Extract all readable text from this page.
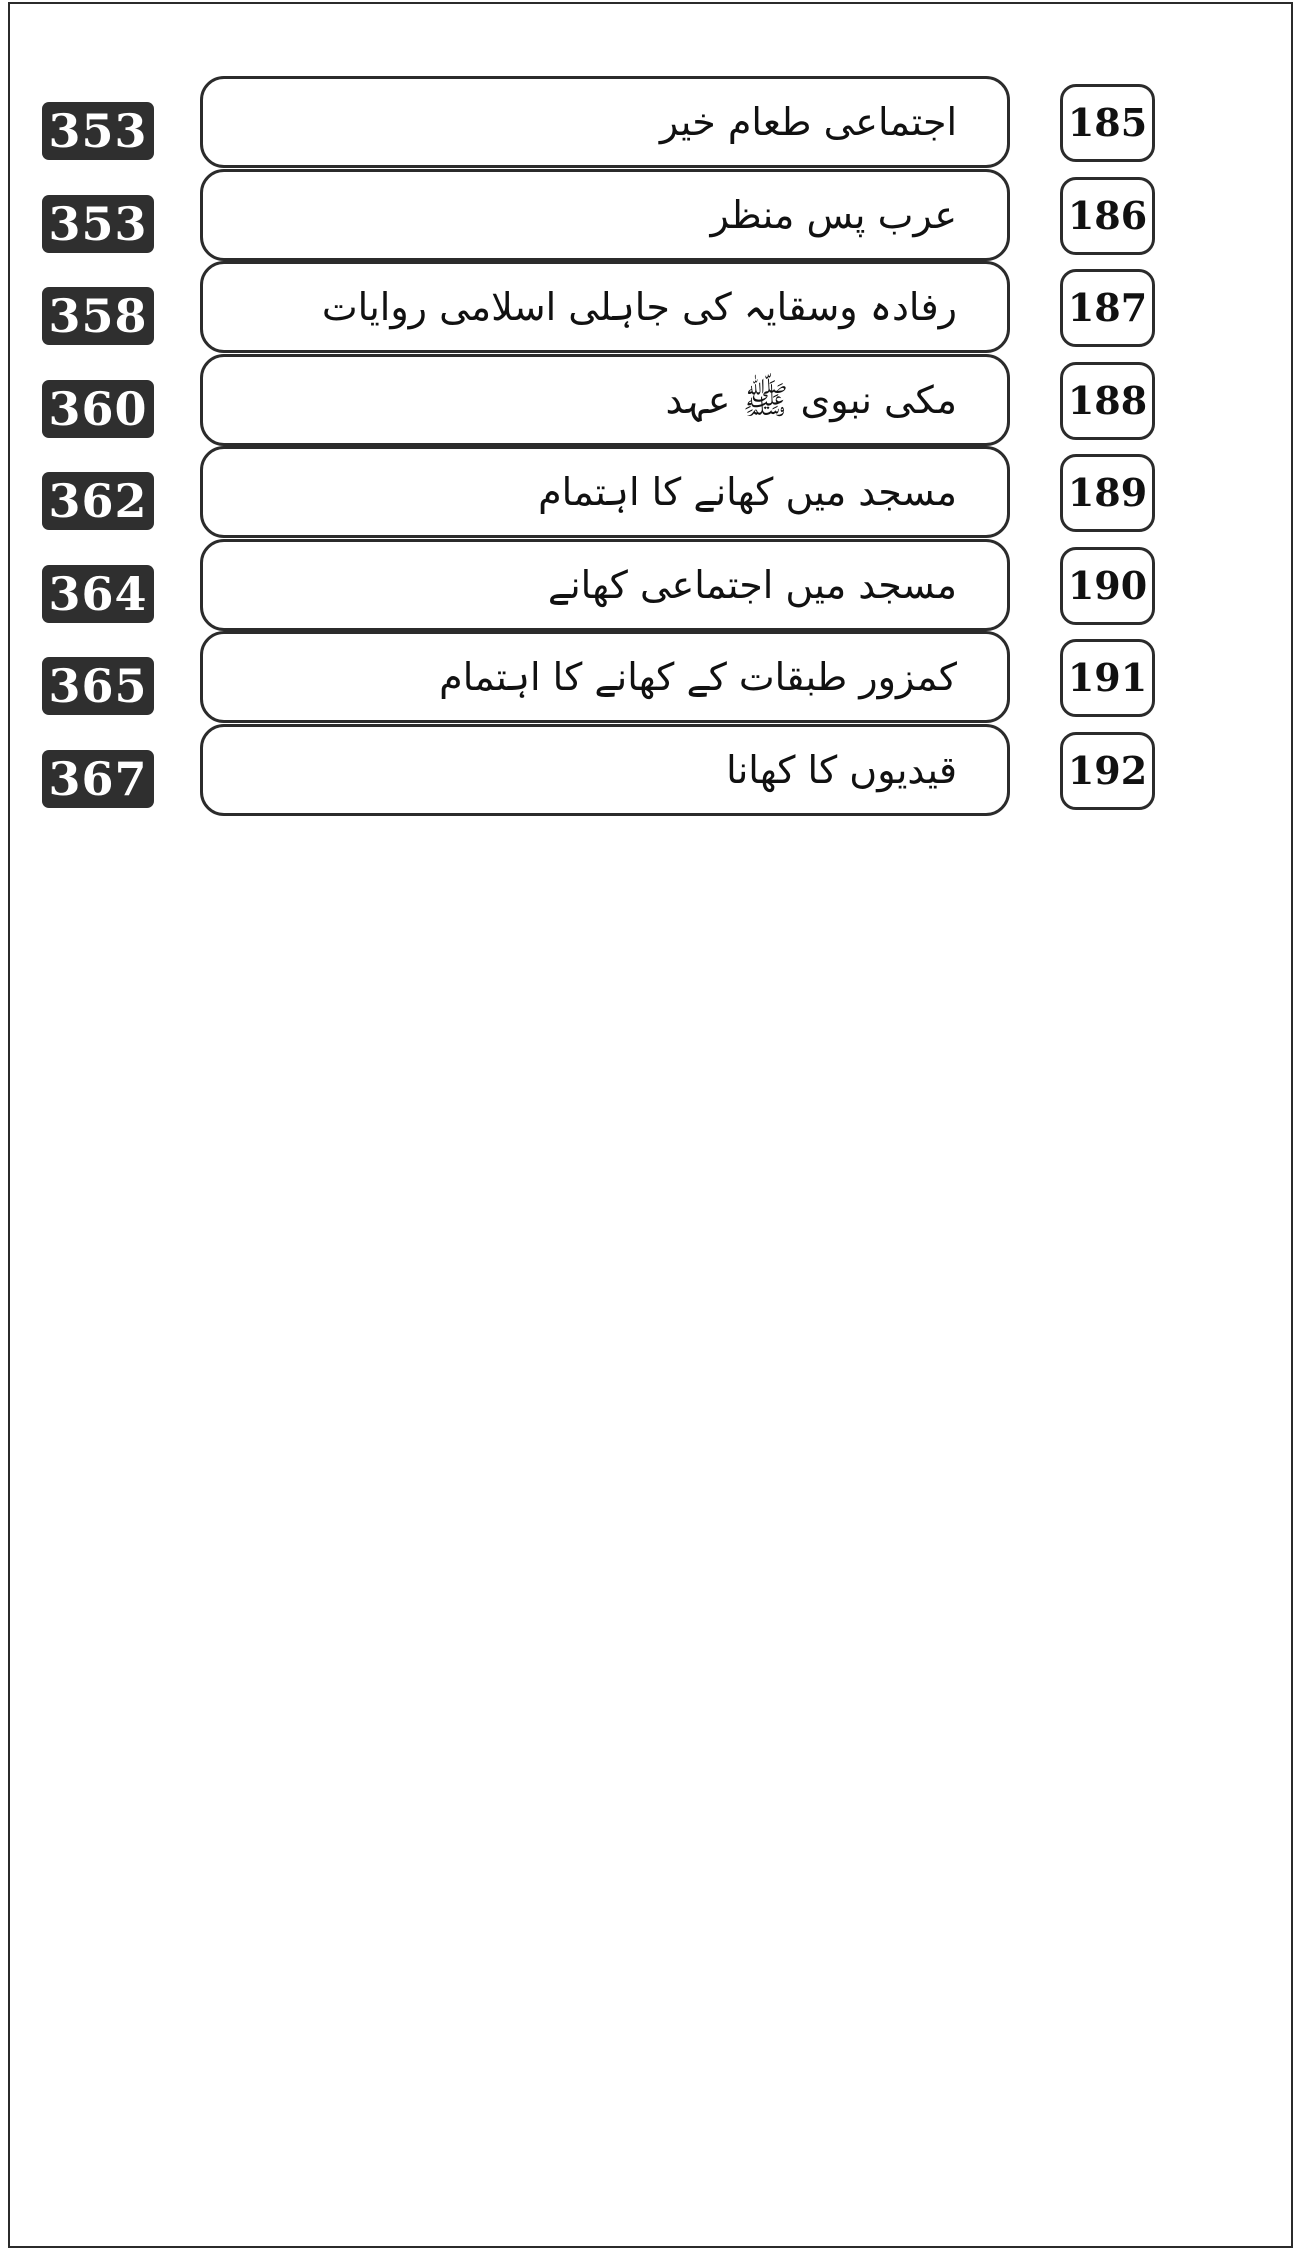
353	اجتماعی طعام خیر	185
353	عرب پس منظر	186
358	رفادہ وسقایہ کی جاہلی اسلامی روایات	187
360	مکی نبوی ﷺ عہد	188
362	مسجد میں کھانے کا اہتمام	189
364	مسجد میں اجتماعی کھانے	190
365	کمزور طبقات کے کھانے کا اہتمام	191
367	قیدیوں کا کھانا	192
